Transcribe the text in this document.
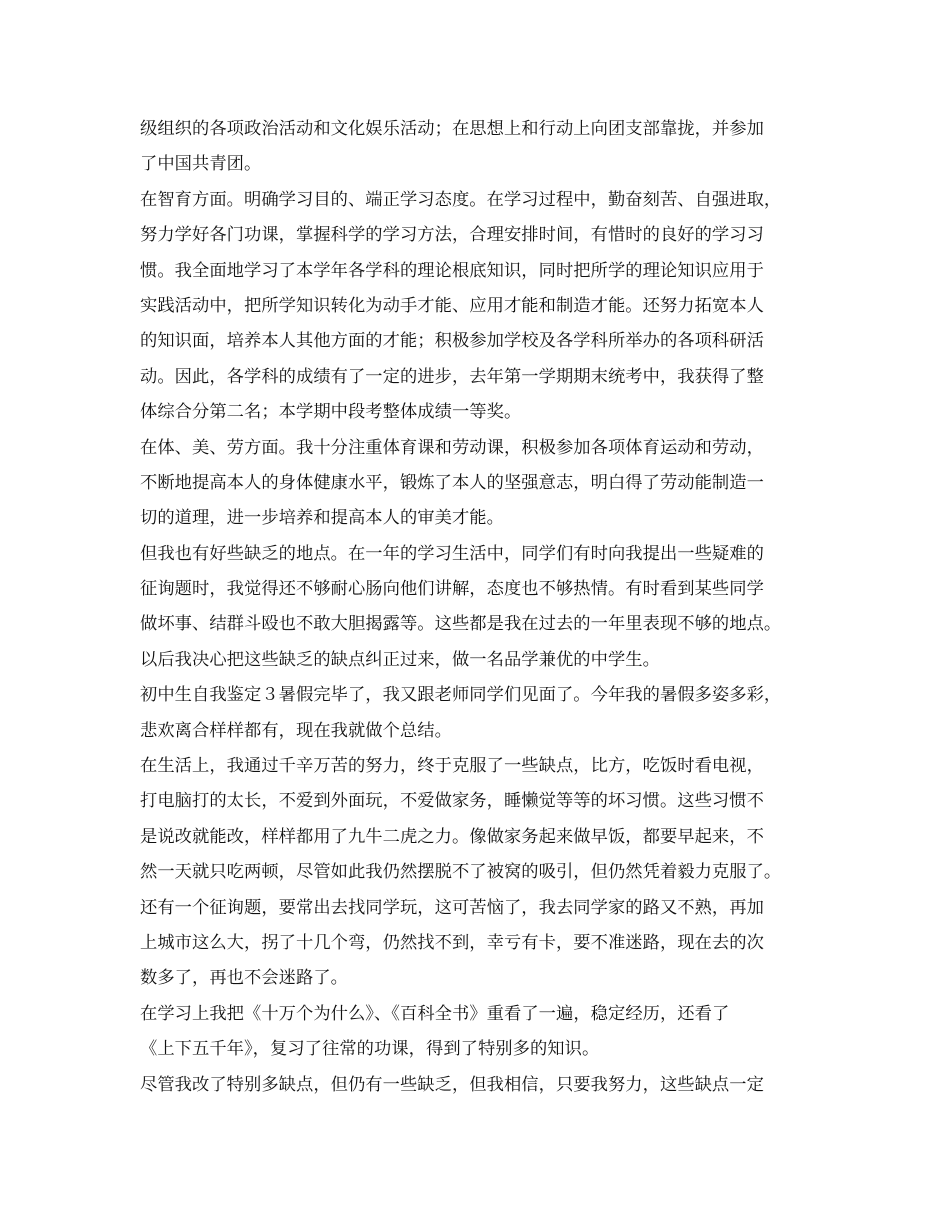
级组织的各项政治活动和文化娱乐活动；在思想上和行动上向团支部靠拢，并参加
了中国共青团。
在智育方面。明确学习目的、端正学习态度。在学习过程中，勤奋刻苦、自强进取，
努力学好各门功课，掌握科学的学习方法，合理安排时间，有惜时的良好的学习习
惯。我全面地学习了本学年各学科的理论根底知识，同时把所学的理论知识应用于
实践活动中，把所学知识转化为动手才能、应用才能和制造才能。还努力拓宽本人
的知识面，培养本人其他方面的才能；积极参加学校及各学科所举办的各项科研活
动。因此，各学科的成绩有了一定的进步，去年第一学期期末统考中，我获得了整
体综合分第二名；本学期中段考整体成绩一等奖。
在体、美、劳方面。我十分注重体育课和劳动课，积极参加各项体育运动和劳动，
不断地提高本人的身体健康水平，锻炼了本人的坚强意志，明白得了劳动能制造一
切的道理，进一步培养和提高本人的审美才能。
但我也有好些缺乏的地点。在一年的学习生活中，同学们有时向我提出一些疑难的
征询题时，我觉得还不够耐心肠向他们讲解，态度也不够热情。有时看到某些同学
做坏事、结群斗殴也不敢大胆揭露等。这些都是我在过去的一年里表现不够的地点。
以后我决心把这些缺乏的缺点纠正过来，做一名品学兼优的中学生。
初中生自我鉴定３暑假完毕了，我又跟老师同学们见面了。今年我的暑假多姿多彩，
悲欢离合样样都有，现在我就做个总结。
在生活上，我通过千辛万苦的努力，终于克服了一些缺点，比方，吃饭时看电视，
打电脑打的太长，不爱到外面玩，不爱做家务，睡懒觉等等的坏习惯。这些习惯不
是说改就能改，样样都用了九牛二虎之力。像做家务起来做早饭，都要早起来，不
然一天就只吃两顿，尽管如此我仍然摆脱不了被窝的吸引，但仍然凭着毅力克服了。
还有一个征询题，要常出去找同学玩，这可苦恼了，我去同学家的路又不熟，再加
上城市这么大，拐了十几个弯，仍然找不到，幸亏有卡，要不准迷路，现在去的次
数多了，再也不会迷路了。
在学习上我把《十万个为什么》、《百科全书》重看了一遍，稳定经历，还看了
《上下五千年》，复习了往常的功课，得到了特别多的知识。
尽管我改了特别多缺点，但仍有一些缺乏，但我相信，只要我努力，这些缺点一定
